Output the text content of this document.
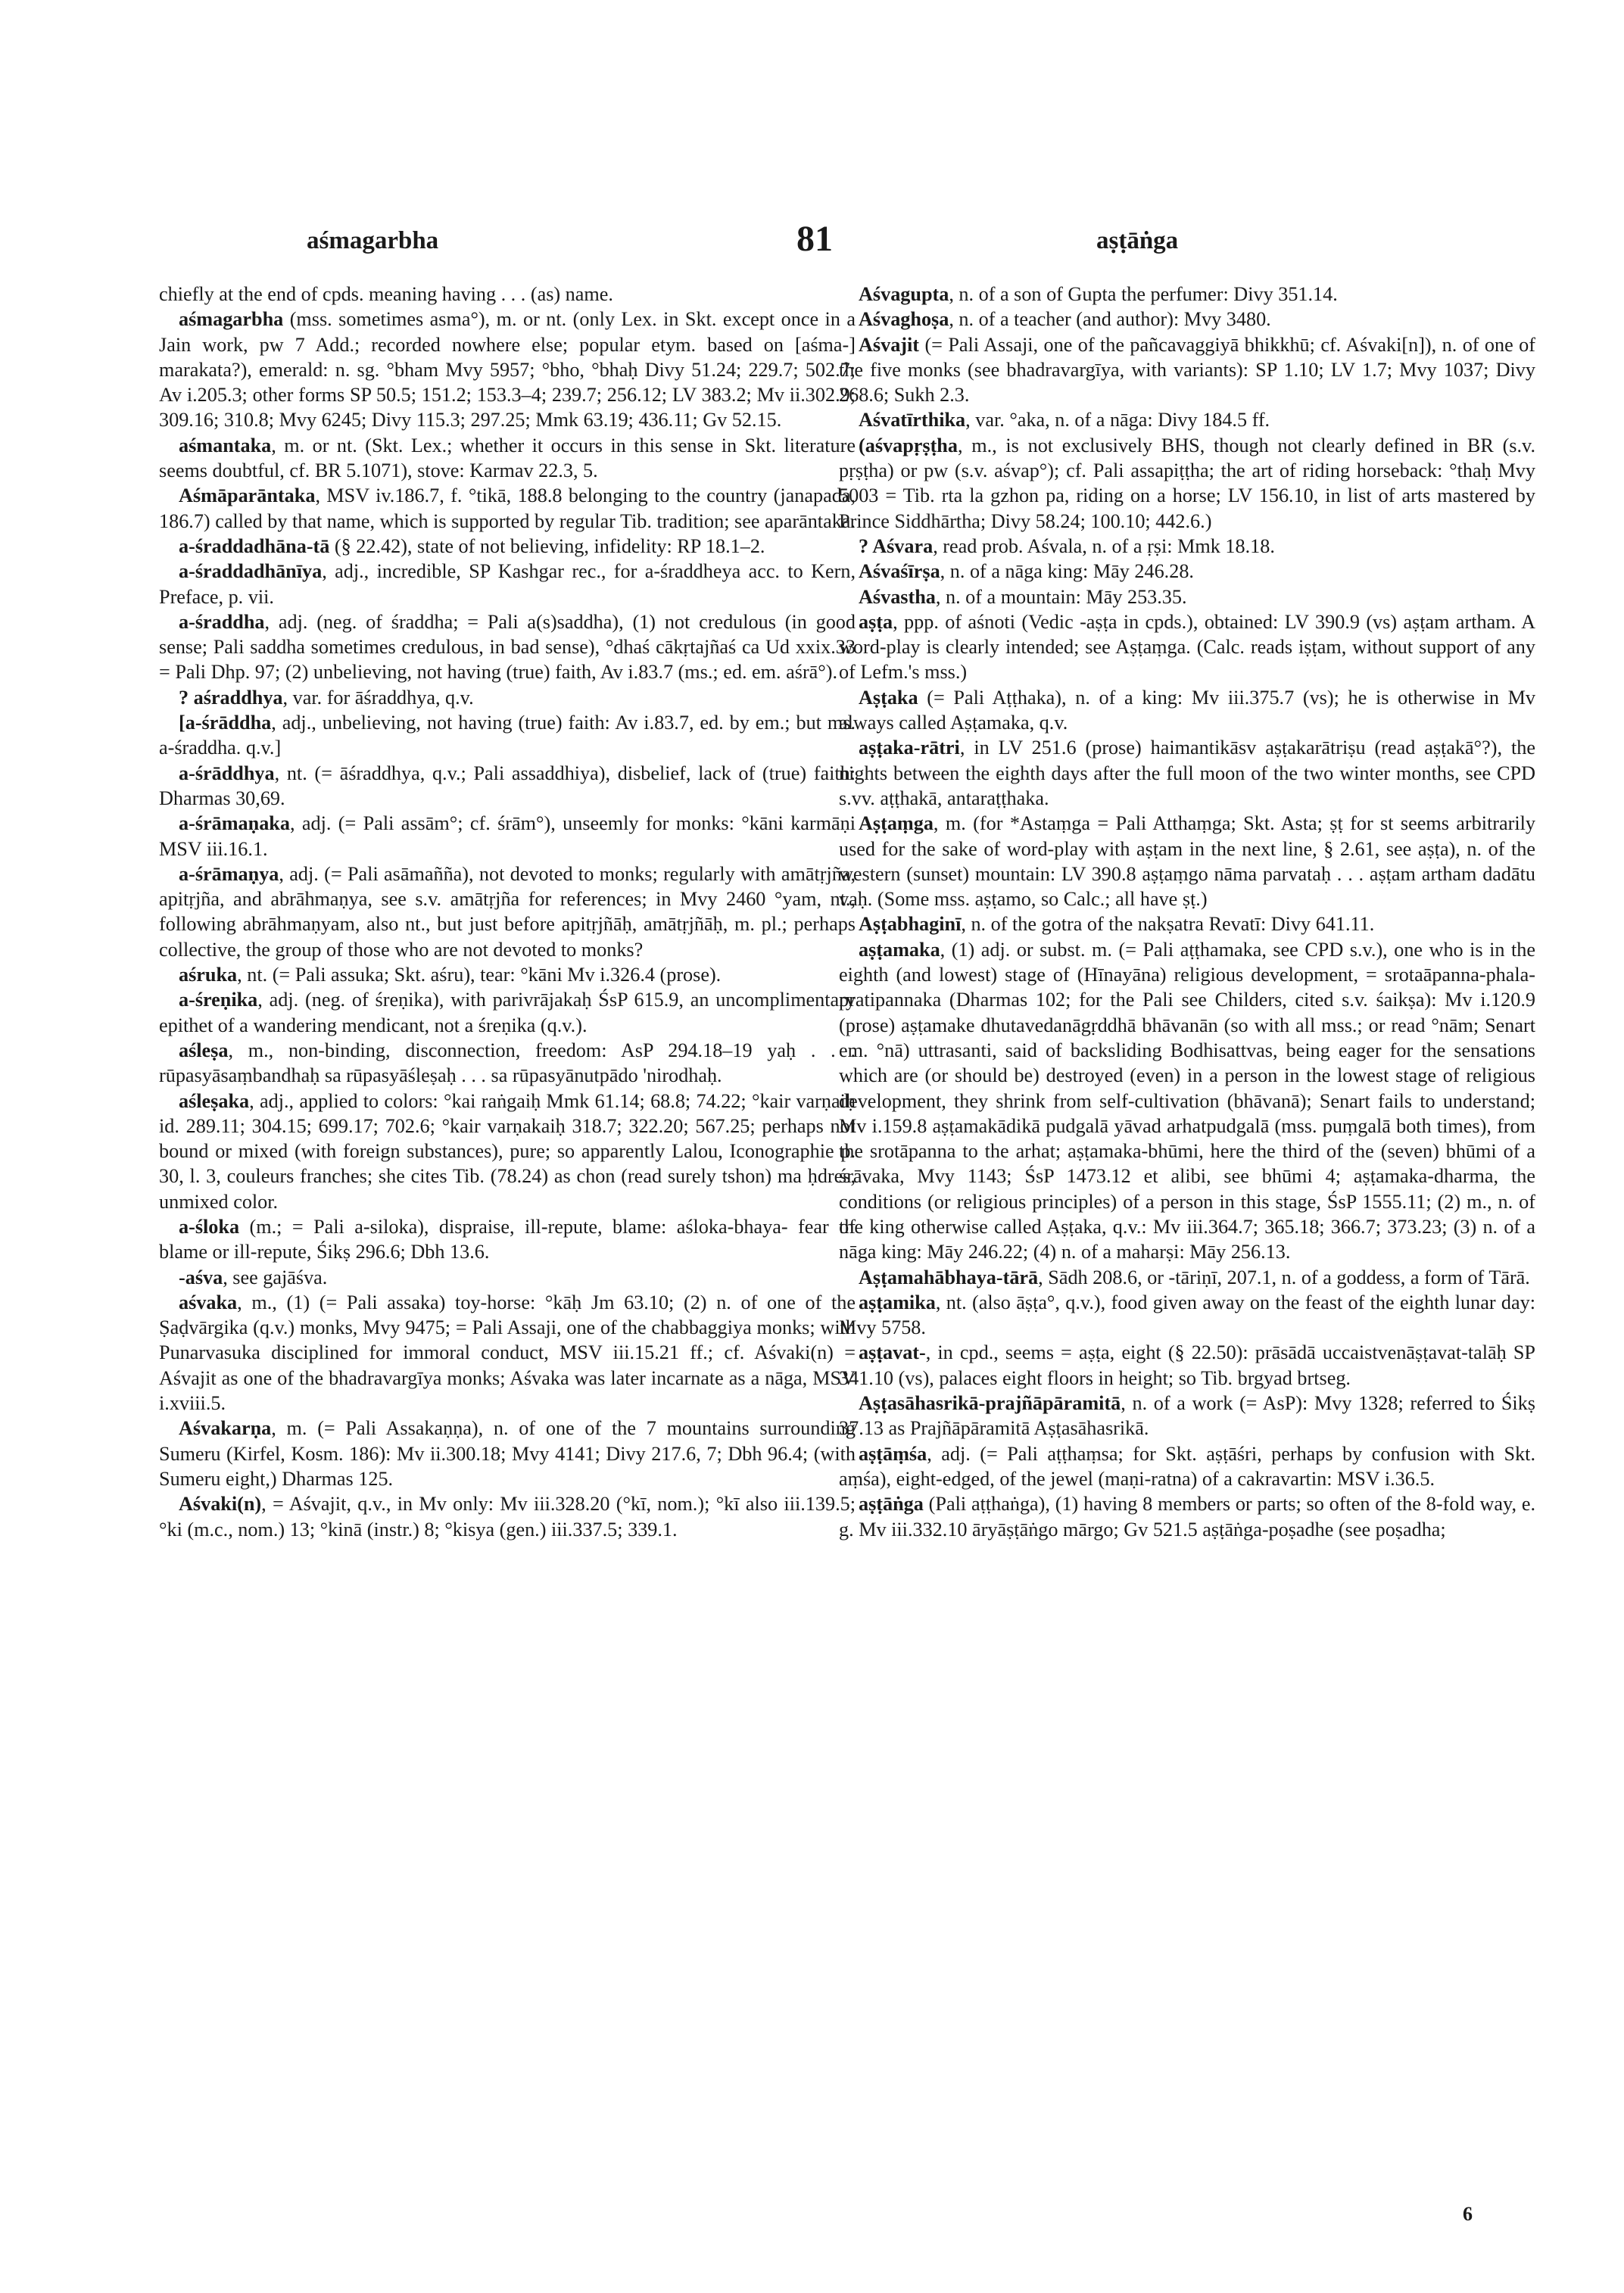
aśmagarbha	81	aṣṭāṅga

chiefly at the end of cpds. meaning having . . . (as) name.

aśmagarbha (mss. sometimes asma°), m. or nt. (only Lex. in Skt. except once in a Jain work, pw 7 Add.; recorded nowhere else; popular etym. based on [aśma-] marakata?), emerald: n. sg. °bham Mvy 5957; °bho, °bhaḥ Divy 51.24; 229.7; 502.7; Av i.205.3; other forms SP 50.5; 151.2; 153.3–4; 239.7; 256.12; LV 383.2; Mv ii.302.9; 309.16; 310.8; Mvy 6245; Divy 115.3; 297.25; Mmk 63.19; 436.11; Gv 52.15.

aśmantaka, m. or nt. (Skt. Lex.; whether it occurs in this sense in Skt. literature seems doubtful, cf. BR 5.1071), stove: Karmav 22.3, 5.

Aśmāparāntaka, MSV iv.186.7, f. °tikā, 188.8 belonging to the country (janapada, 186.7) called by that name, which is supported by regular Tib. tradition; see aparāntaka.

a-śraddadhāna-tā (§ 22.42), state of not believing, infidelity: RP 18.1–2.

a-śraddadhānīya, adj., incredible, SP Kashgar rec., for a-śraddheya acc. to Kern, Preface, p. vii.

a-śraddha, adj. (neg. of śraddha; = Pali a(s)saddha), (1) not credulous (in good sense; Pali saddha sometimes credulous, in bad sense), °dhaś cākṛtajñaś ca Ud xxix.33 = Pali Dhp. 97; (2) unbelieving, not having (true) faith, Av i.83.7 (ms.; ed. em. aśrā°).

? aśraddhya, var. for āśraddhya, q.v.

[a-śrāddha, adj., unbelieving, not having (true) faith: Av i.83.7, ed. by em.; but ms. a-śraddha. q.v.]

a-śrāddhya, nt. (= āśraddhya, q.v.; Pali assaddhiya), disbelief, lack of (true) faith: Dharmas 30,69.

a-śrāmaṇaka, adj. (= Pali assām°; cf. śrām°), unseemly for monks: °kāni karmāṇi MSV iii.16.1.

a-śrāmaṇya, adj. (= Pali asāmañña), not devoted to monks; regularly with amātṛjña, apitṛjña, and abrāhmaṇya, see s.v. amātṛjña for references; in Mvy 2460 °yam, nt., following abrāhmaṇyam, also nt., but just before apitṛjñāḥ, amātṛjñāḥ, m. pl.; perhaps collective, the group of those who are not devoted to monks?

aśruka, nt. (= Pali assuka; Skt. aśru), tear: °kāni Mv i.326.4 (prose).

a-śreṇika, adj. (neg. of śreṇika), with parivrājakaḥ ŚsP 615.9, an uncomplimentary epithet of a wandering mendicant, not a śreṇika (q.v.).

aśleṣa, m., non-binding, disconnection, freedom: AsP 294.18–19 yaḥ . . . rūpasyāsaṃbandhaḥ sa rūpasyāśleṣaḥ . . . sa rūpasyānutpādo 'nirodhaḥ.

aśleṣaka, adj., applied to colors: °kai raṅgaiḥ Mmk 61.14; 68.8; 74.22; °kair varṇaiḥ id. 289.11; 304.15; 699.17; 702.6; °kair varṇakaiḥ 318.7; 322.20; 567.25; perhaps not bound or mixed (with foreign substances), pure; so apparently Lalou, Iconographie p. 30, l. 3, couleurs franches; she cites Tib. (78.24) as chon (read surely tshon) ma ḥdres, unmixed color.

a-śloka (m.; = Pali a-siloka), dispraise, ill-repute, blame: aśloka-bhaya- fear of blame or ill-repute, Śikṣ 296.6; Dbh 13.6.

-aśva, see gajāśva.

aśvaka, m., (1) (= Pali assaka) toy-horse: °kāḥ Jm 63.10; (2) n. of one of the Ṣaḍvārgika (q.v.) monks, Mvy 9475; = Pali Assaji, one of the chabbaggiya monks; with Punarvasuka disciplined for immoral conduct, MSV iii.15.21 ff.; cf. Aśvaki(n) = Aśvajit as one of the bhadravargīya monks; Aśvaka was later incarnate as a nāga, MSV i.xviii.5.

Aśvakarṇa, m. (= Pali Assakaṇṇa), n. of one of the 7 mountains surrounding Sumeru (Kirfel, Kosm. 186): Mv ii.300.18; Mvy 4141; Divy 217.6, 7; Dbh 96.4; (with Sumeru eight,) Dharmas 125.

Aśvaki(n), = Aśvajit, q.v., in Mv only: Mv iii.328.20 (°kī, nom.); °kī also iii.139.5; °ki (m.c., nom.) 13; °kinā (instr.) 8; °kisya (gen.) iii.337.5; 339.1.

Aśvagupta, n. of a son of Gupta the perfumer: Divy 351.14.

Aśvaghoṣa, n. of a teacher (and author): Mvy 3480.

Aśvajit (= Pali Assaji, one of the pañcavaggiyā bhikkhū; cf. Aśvaki[n]), n. of one of the five monks (see bhadravargīya, with variants): SP 1.10; LV 1.7; Mvy 1037; Divy 268.6; Sukh 2.3.

Aśvatīrthika, var. °aka, n. of a nāga: Divy 184.5 ff.

(aśvapṛṣṭha, m., is not exclusively BHS, though not clearly defined in BR (s.v. pṛṣṭha) or pw (s.v. aśvap°); cf. Pali assapiṭṭha; the art of riding horseback: °thaḥ Mvy 5003 = Tib. rta la gzhon pa, riding on a horse; LV 156.10, in list of arts mastered by Prince Siddhārtha; Divy 58.24; 100.10; 442.6.)

? Aśvara, read prob. Aśvala, n. of a ṛṣi: Mmk 18.18.

Aśvaśīrṣa, n. of a nāga king: Māy 246.28.

Aśvastha, n. of a mountain: Māy 253.35.

aṣṭa, ppp. of aśnoti (Vedic -aṣṭa in cpds.), obtained: LV 390.9 (vs) aṣṭam artham. A word-play is clearly intended; see Aṣṭaṃga. (Calc. reads iṣṭam, without support of any of Lefm.'s mss.)

Aṣṭaka (= Pali Aṭṭhaka), n. of a king: Mv iii.375.7 (vs); he is otherwise in Mv always called Aṣṭamaka, q.v.

aṣṭaka-rātri, in LV 251.6 (prose) haimantikāsv aṣṭakarātriṣu (read aṣṭakā°?), the nights between the eighth days after the full moon of the two winter months, see CPD s.vv. aṭṭhakā, antaraṭṭhaka.

Aṣṭaṃga, m. (for *Astaṃga = Pali Atthaṃga; Skt. Asta; ṣṭ for st seems arbitrarily used for the sake of word-play with aṣṭam in the next line, § 2.61, see aṣṭa), n. of the western (sunset) mountain: LV 390.8 aṣṭaṃgo nāma parvataḥ . . . aṣṭam artham dadātu vaḥ. (Some mss. aṣṭamo, so Calc.; all have ṣṭ.)

Aṣṭabhaginī, n. of the gotra of the nakṣatra Revatī: Divy 641.11.

aṣṭamaka, (1) adj. or subst. m. (= Pali aṭṭhamaka, see CPD s.v.), one who is in the eighth (and lowest) stage of (Hīnayāna) religious development, = srotaāpanna-phala-pratipannaka (Dharmas 102; for the Pali see Childers, cited s.v. śaikṣa): Mv i.120.9 (prose) aṣṭamake dhutavedanāgṛddhā bhāvanān (so with all mss.; or read °nām; Senart em. °nā) uttrasanti, said of backsliding Bodhisattvas, being eager for the sensations which are (or should be) destroyed (even) in a person in the lowest stage of religious development, they shrink from self-cultivation (bhāvanā); Senart fails to understand; Mv i.159.8 aṣṭamakādikā pudgalā yāvad arhatpudgalā (mss. puṃgalā both times), from the srotāpanna to the arhat; aṣṭamaka-bhūmi, here the third of the (seven) bhūmi of a śrāvaka, Mvy 1143; ŚsP 1473.12 et alibi, see bhūmi 4; aṣṭamaka-dharma, the conditions (or religious principles) of a person in this stage, ŚsP 1555.11; (2) m., n. of the king otherwise called Aṣṭaka, q.v.: Mv iii.364.7; 365.18; 366.7; 373.23; (3) n. of a nāga king: Māy 246.22; (4) n. of a maharṣi: Māy 256.13.

Aṣṭamahābhaya-tārā, Sādh 208.6, or -tāriṇī, 207.1, n. of a goddess, a form of Tārā.

aṣṭamika, nt. (also āṣṭa°, q.v.), food given away on the feast of the eighth lunar day: Mvy 5758.

aṣṭavat-, in cpd., seems = aṣṭa, eight (§ 22.50): prāsādā uccaistvenāṣṭavat-talāḥ SP 341.10 (vs), palaces eight floors in height; so Tib. brgyad brtseg.

Aṣṭasāhasrikā-prajñāpāramitā, n. of a work (= AsP): Mvy 1328; referred to Śikṣ 37.13 as Prajñāpāramitā Aṣṭasāhasrikā.

aṣṭāṃśa, adj. (= Pali aṭṭhaṃsa; for Skt. aṣṭāśri, perhaps by confusion with Skt. aṃśa), eight-edged, of the jewel (maṇi-ratna) of a cakravartin: MSV i.36.5.

aṣṭāṅga (Pali aṭṭhaṅga), (1) having 8 members or parts; so often of the 8-fold way, e. g. Mv iii.332.10 āryāṣṭāṅgo mārgo; Gv 521.5 aṣṭāṅga-poṣadhe (see poṣadha;

6
